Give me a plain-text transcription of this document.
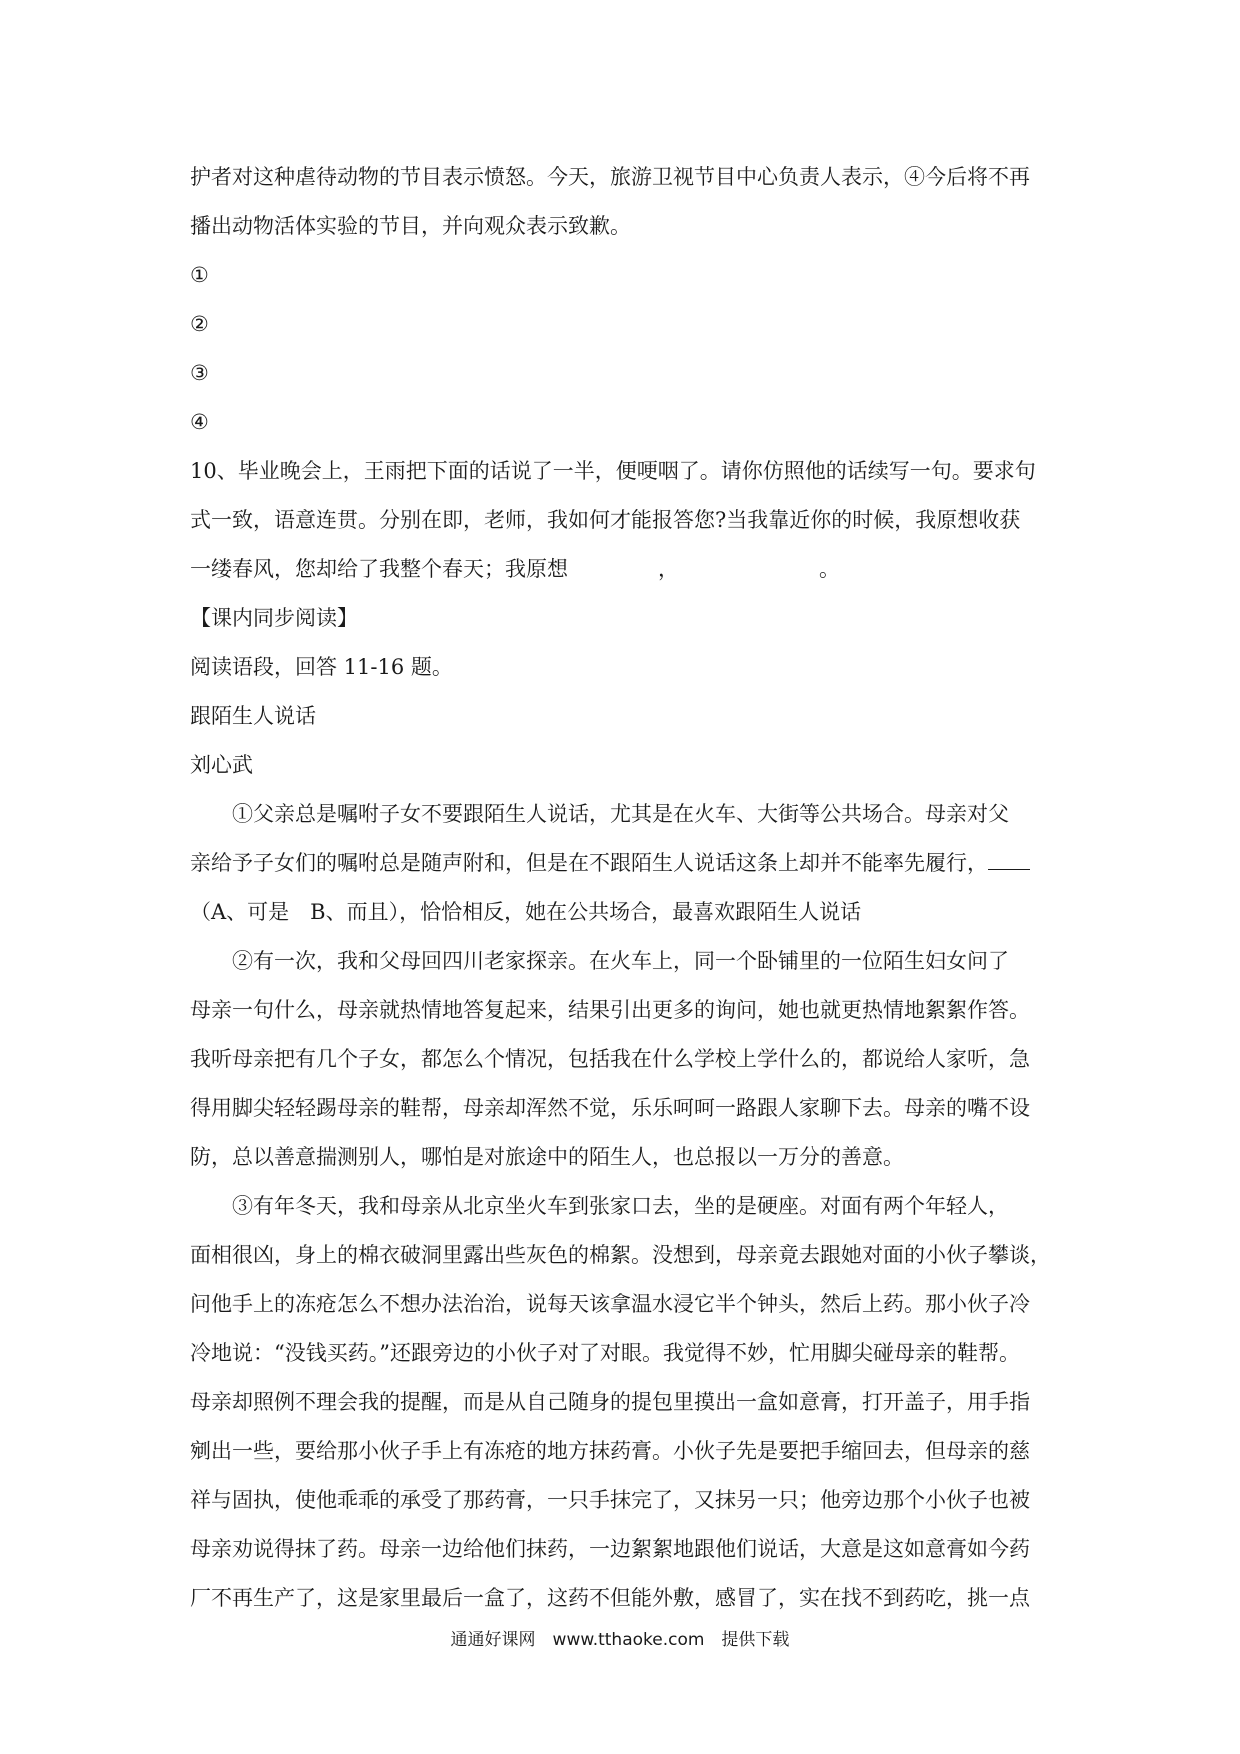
护者对这种虐待动物的节目表示愤怒。今天，旅游卫视节目中心负责人表示，④今后将不再

播出动物活体实验的节目，并向观众表示致歉。

①

②

③

④

10、毕业晚会上，王雨把下面的话说了一半，便哽咽了。请你仿照他的话续写一句。要求句

式一致，语意连贯。分别在即，老师，我如何才能报答您?当我靠近你的时候，我原想收获

一缕春风，您却给了我整个春天；我原想	，	。

【课内同步阅读】

阅读语段，回答 11-16 题。

跟陌生人说话

刘心武

①父亲总是嘱咐子女不要跟陌生人说话，尤其是在火车、大街等公共场合。母亲对父

亲给予子女们的嘱咐总是随声附和，但是在不跟陌生人说话这条上却并不能率先履行，

（A、可是　B、而且），恰恰相反，她在公共场合，最喜欢跟陌生人说话

②有一次，我和父母回四川老家探亲。在火车上，同一个卧铺里的一位陌生妇女问了

母亲一句什么，母亲就热情地答复起来，结果引出更多的询问，她也就更热情地絮絮作答。

我听母亲把有几个子女，都怎么个情况，包括我在什么学校上学什么的，都说给人家听，急

得用脚尖轻轻踢母亲的鞋帮，母亲却浑然不觉，乐乐呵呵一路跟人家聊下去。母亲的嘴不设

防，总以善意揣测别人，哪怕是对旅途中的陌生人，也总报以一万分的善意。

③有年冬天，我和母亲从北京坐火车到张家口去，坐的是硬座。对面有两个年轻人，

面相很凶，身上的棉衣破洞里露出些灰色的棉絮。没想到，母亲竟去跟她对面的小伙子攀谈，

问他手上的冻疮怎么不想办法治治，说每天该拿温水浸它半个钟头，然后上药。那小伙子冷

冷地说：“没钱买药。”还跟旁边的小伙子对了对眼。我觉得不妙，忙用脚尖碰母亲的鞋帮。

母亲却照例不理会我的提醒，而是从自己随身的提包里摸出一盒如意膏，打开盖子，用手指

剜出一些，要给那小伙子手上有冻疮的地方抹药膏。小伙子先是要把手缩回去，但母亲的慈

祥与固执，使他乖乖的承受了那药膏，一只手抹完了，又抹另一只；他旁边那个小伙子也被

母亲劝说得抹了药。母亲一边给他们抹药，一边絮絮地跟他们说话，大意是这如意膏如今药

厂不再生产了，这是家里最后一盒了，这药不但能外敷，感冒了，实在找不到药吃，挑一点

通通好课网　www.tthaoke.com　提供下载
